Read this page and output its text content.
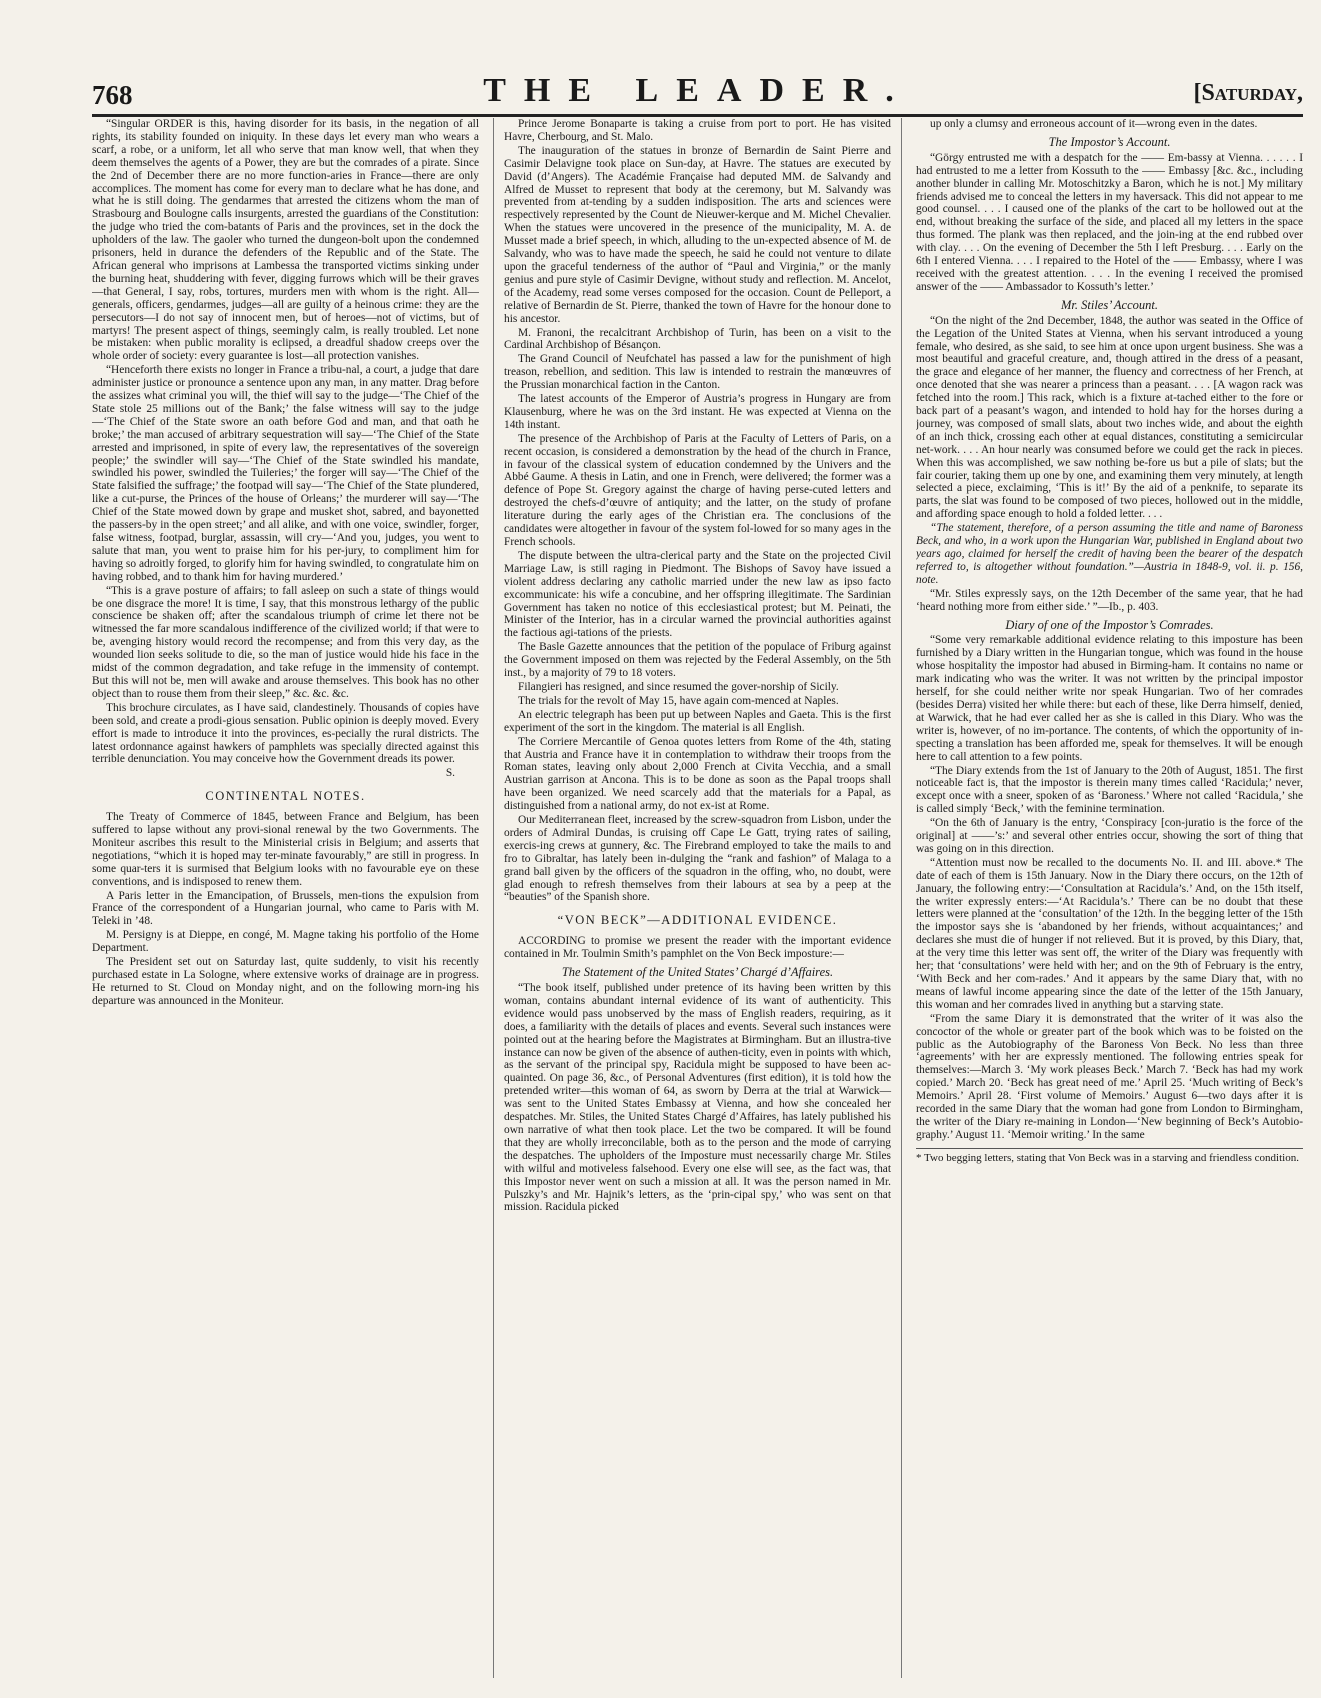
768	THE LEADER.	[Saturday,

“Singular ORDER is this, having disorder for its basis, in the negation of all rights, its stability founded on iniquity. In these days let every man who wears a scarf, a robe, or a uniform, let all who serve that man know well, that when they deem themselves the agents of a Power, they are but the comrades of a pirate. Since the 2nd of December there are no more function-aries in France—there are only accomplices. The moment has come for every man to declare what he has done, and what he is still doing. The gendarmes that arrested the citizens whom the man of Strasbourg and Boulogne calls insurgents, arrested the guardians of the Constitution: the judge who tried the com-batants of Paris and the provinces, set in the dock the upholders of the law. The gaoler who turned the dungeon-bolt upon the condemned prisoners, held in durance the defenders of the Republic and of the State. The African general who imprisons at Lambessa the transported victims sinking under the burning heat, shuddering with fever, digging furrows which will be their graves—that General, I say, robs, tortures, murders men with whom is the right. All—generals, officers, gendarmes, judges—all are guilty of a heinous crime: they are the persecutors—I do not say of innocent men, but of heroes—not of victims, but of martyrs! The present aspect of things, seemingly calm, is really troubled. Let none be mistaken: when public morality is eclipsed, a dreadful shadow creeps over the whole order of society: every guarantee is lost—all protection vanishes.

“Henceforth there exists no longer in France a tribu-nal, a court, a judge that dare administer justice or pronounce a sentence upon any man, in any matter. Drag before the assizes what criminal you will, the thief will say to the judge—‘The Chief of the State stole 25 millions out of the Bank;’ the false witness will say to the judge—‘The Chief of the State swore an oath before God and man, and that oath he broke;’ the man accused of arbitrary sequestration will say—‘The Chief of the State arrested and imprisoned, in spite of every law, the representatives of the sovereign people;’ the swindler will say—‘The Chief of the State swindled his mandate, swindled his power, swindled the Tuileries;’ the forger will say—‘The Chief of the State falsified the suffrage;’ the footpad will say—‘The Chief of the State plundered, like a cut-purse, the Princes of the house of Orleans;’ the murderer will say—‘The Chief of the State mowed down by grape and musket shot, sabred, and bayonetted the passers-by in the open street;’ and all alike, and with one voice, swindler, forger, false witness, footpad, burglar, assassin, will cry—‘And you, judges, you went to salute that man, you went to praise him for his per-jury, to compliment him for having so adroitly forged, to glorify him for having swindled, to congratulate him on having robbed, and to thank him for having murdered.’

“This is a grave posture of affairs; to fall asleep on such a state of things would be one disgrace the more! It is time, I say, that this monstrous lethargy of the public conscience be shaken off; after the scandalous triumph of crime let there not be witnessed the far more scandalous indifference of the civilized world; if that were to be, avenging history would record the recompense; and from this very day, as the wounded lion seeks solitude to die, so the man of justice would hide his face in the midst of the common degradation, and take refuge in the immensity of contempt. But this will not be, men will awake and arouse themselves. This book has no other object than to rouse them from their sleep,” &c. &c. &c.

This brochure circulates, as I have said, clandestinely. Thousands of copies have been sold, and create a prodi-gious sensation. Public opinion is deeply moved. Every effort is made to introduce it into the provinces, es-pecially the rural districts. The latest ordonnance against hawkers of pamphlets was specially directed against this terrible denunciation. You may conceive how the Government dreads its power.

S.
CONTINENTAL NOTES.

The Treaty of Commerce of 1845, between France and Belgium, has been suffered to lapse without any provi-sional renewal by the two Governments. The Moniteur ascribes this result to the Ministerial crisis in Belgium; and asserts that negotiations, “which it is hoped may ter-minate favourably,” are still in progress. In some quar-ters it is surmised that Belgium looks with no favourable eye on these conventions, and is indisposed to renew them.

A Paris letter in the Emancipation, of Brussels, men-tions the expulsion from France of the correspondent of a Hungarian journal, who came to Paris with M. Teleki in ’48.

M. Persigny is at Dieppe, en congé, M. Magne taking his portfolio of the Home Department.

The President set out on Saturday last, quite suddenly, to visit his recently purchased estate in La Sologne, where extensive works of drainage are in progress. He returned to St. Cloud on Monday night, and on the following morn-ing his departure was announced in the Moniteur.

Prince Jerome Bonaparte is taking a cruise from port to port. He has visited Havre, Cherbourg, and St. Malo.

The inauguration of the statues in bronze of Bernardin de Saint Pierre and Casimir Delavigne took place on Sun-day, at Havre. The statues are executed by David (d’Angers). The Académie Française had deputed MM. de Salvandy and Alfred de Musset to represent that body at the ceremony, but M. Salvandy was prevented from at-tending by a sudden indisposition. The arts and sciences were respectively represented by the Count de Nieuwer-kerque and M. Michel Chevalier. When the statues were uncovered in the presence of the municipality, M. A. de Musset made a brief speech, in which, alluding to the un-expected absence of M. de Salvandy, who was to have made the speech, he said he could not venture to dilate upon the graceful tenderness of the author of “Paul and Virginia,” or the manly genius and pure style of Casimir Devigne, without study and reflection. M. Ancelot, of the Academy, read some verses composed for the occasion. Count de Pelleport, a relative of Bernardin de St. Pierre, thanked the town of Havre for the honour done to his ancestor.

M. Franoni, the recalcitrant Archbishop of Turin, has been on a visit to the Cardinal Archbishop of Bésançon.

The Grand Council of Neufchatel has passed a law for the punishment of high treason, rebellion, and sedition. This law is intended to restrain the manœuvres of the Prussian monarchical faction in the Canton.

The latest accounts of the Emperor of Austria’s progress in Hungary are from Klausenburg, where he was on the 3rd instant. He was expected at Vienna on the 14th instant.

The presence of the Archbishop of Paris at the Faculty of Letters of Paris, on a recent occasion, is considered a demonstration by the head of the church in France, in favour of the classical system of education condemned by the Univers and the Abbé Gaume. A thesis in Latin, and one in French, were delivered; the former was a defence of Pope St. Gregory against the charge of having perse-cuted letters and destroyed the chefs-d’œuvre of antiquity; and the latter, on the study of profane literature during the early ages of the Christian era. The conclusions of the candidates were altogether in favour of the system fol-lowed for so many ages in the French schools.

The dispute between the ultra-clerical party and the State on the projected Civil Marriage Law, is still raging in Piedmont. The Bishops of Savoy have issued a violent address declaring any catholic married under the new law as ipso facto excommunicate: his wife a concubine, and her offspring illegitimate. The Sardinian Government has taken no notice of this ecclesiastical protest; but M. Peinati, the Minister of the Interior, has in a circular warned the provincial authorities against the factious agi-tations of the priests.

The Basle Gazette announces that the petition of the populace of Friburg against the Government imposed on them was rejected by the Federal Assembly, on the 5th inst., by a majority of 79 to 18 voters.

Filangieri has resigned, and since resumed the gover-norship of Sicily.

The trials for the revolt of May 15, have again com-menced at Naples.

An electric telegraph has been put up between Naples and Gaeta. This is the first experiment of the sort in the kingdom. The material is all English.

The Corriere Mercantile of Genoa quotes letters from Rome of the 4th, stating that Austria and France have it in contemplation to withdraw their troops from the Roman states, leaving only about 2,000 French at Civita Vecchia, and a small Austrian garrison at Ancona. This is to be done as soon as the Papal troops shall have been organized. We need scarcely add that the materials for a Papal, as distinguished from a national army, do not ex-ist at Rome.

Our Mediterranean fleet, increased by the screw-squadron from Lisbon, under the orders of Admiral Dundas, is cruising off Cape Le Gatt, trying rates of sailing, exercis-ing crews at gunnery, &c. The Firebrand employed to take the mails to and fro to Gibraltar, has lately been in-dulging the “rank and fashion” of Malaga to a grand ball given by the officers of the squadron in the offing, who, no doubt, were glad enough to refresh themselves from their labours at sea by a peep at the “beauties” of the Spanish shore.

“VON BECK”—ADDITIONAL EVIDENCE.

ACCORDING to promise we present the reader with the important evidence contained in Mr. Toulmin Smith’s pamphlet on the Von Beck imposture:—

The Statement of the United States’ Chargé d’Affaires.

“The book itself, published under pretence of its having been written by this woman, contains abundant internal evidence of its want of authenticity. This evidence would pass unobserved by the mass of English readers, requiring, as it does, a familiarity with the details of places and events. Several such instances were pointed out at the hearing before the Magistrates at Birmingham. But an illustra-tive instance can now be given of the absence of authen-ticity, even in points with which, as the servant of the principal spy, Racidula might be supposed to have been ac-quainted. On page 36, &c., of Personal Adventures (first edition), it is told how the pretended writer—this woman of 64, as sworn by Derra at the trial at Warwick—was sent to the United States Embassy at Vienna, and how she concealed her despatches. Mr. Stiles, the United States Chargé d’Affaires, has lately published his own narrative of what then took place. Let the two be compared. It will be found that they are wholly irreconcilable, both as to the person and the mode of carrying the despatches. The upholders of the Imposture must necessarily charge Mr. Stiles with wilful and motiveless falsehood. Every one else will see, as the fact was, that this Impostor never went on such a mission at all. It was the person named in Mr. Pulszky’s and Mr. Hajnik’s letters, as the ‘prin-cipal spy,’ who was sent on that mission. Racidula picked

up only a clumsy and erroneous account of it—wrong even in the dates.

The Impostor’s Account.

“Görgy entrusted me with a despatch for the —— Em-bassy at Vienna. . . . . . I had entrusted to me a letter from Kossuth to the —— Embassy [&c. &c., including another blunder in calling Mr. Motoschitzky a Baron, which he is not.] My military friends advised me to conceal the letters in my haversack. This did not appear to me good counsel. . . . I caused one of the planks of the cart to be hollowed out at the end, without breaking the surface of the side, and placed all my letters in the space thus formed. The plank was then replaced, and the join-ing at the end rubbed over with clay. . . . On the evening of December the 5th I left Presburg. . . . Early on the 6th I entered Vienna. . . . I repaired to the Hotel of the —— Embassy, where I was received with the greatest attention. . . . In the evening I received the promised answer of the —— Ambassador to Kossuth’s letter.’

Mr. Stiles’ Account.

“On the night of the 2nd December, 1848, the author was seated in the Office of the Legation of the United States at Vienna, when his servant introduced a young female, who desired, as she said, to see him at once upon urgent business. She was a most beautiful and graceful creature, and, though attired in the dress of a peasant, the grace and elegance of her manner, the fluency and correctness of her French, at once denoted that she was nearer a princess than a peasant. . . . [A wagon rack was fetched into the room.] This rack, which is a fixture at-tached either to the fore or back part of a peasant’s wagon, and intended to hold hay for the horses during a journey, was composed of small slats, about two inches wide, and about the eighth of an inch thick, crossing each other at equal distances, constituting a semicircular net-work. . . . An hour nearly was consumed before we could get the rack in pieces. When this was accomplished, we saw nothing be-fore us but a pile of slats; but the fair courier, taking them up one by one, and examining them very minutely, at length selected a piece, exclaiming, ‘This is it!’ By the aid of a penknife, to separate its parts, the slat was found to be composed of two pieces, hollowed out in the middle, and affording space enough to hold a folded letter. . . .

“The statement, therefore, of a person assuming the title and name of Baroness Beck, and who, in a work upon the Hungarian War, published in England about two years ago, claimed for herself the credit of having been the bearer of the despatch referred to, is altogether without foundation.”—Austria in 1848-9, vol. ii. p. 156, note.

“Mr. Stiles expressly says, on the 12th December of the same year, that he had ‘heard nothing more from either side.’ ”—Ib., p. 403.

Diary of one of the Impostor’s Comrades.

“Some very remarkable additional evidence relating to this imposture has been furnished by a Diary written in the Hungarian tongue, which was found in the house whose hospitality the impostor had abused in Birming-ham. It contains no name or mark indicating who was the writer. It was not written by the principal impostor herself, for she could neither write nor speak Hungarian. Two of her comrades (besides Derra) visited her while there: but each of these, like Derra himself, denied, at Warwick, that he had ever called her as she is called in this Diary. Who was the writer is, however, of no im-portance. The contents, of which the opportunity of in-specting a translation has been afforded me, speak for themselves. It will be enough here to call attention to a few points.

“The Diary extends from the 1st of January to the 20th of August, 1851. The first noticeable fact is, that the impostor is therein many times called ‘Racidula;’ never, except once with a sneer, spoken of as ‘Baroness.’ Where not called ‘Racidula,’ she is called simply ‘Beck,’ with the feminine termination.

“On the 6th of January is the entry, ‘Conspiracy [con-juratio is the force of the original] at ——’s:’ and several other entries occur, showing the sort of thing that was going on in this direction.

“Attention must now be recalled to the documents No. II. and III. above.* The date of each of them is 15th January. Now in the Diary there occurs, on the 12th of January, the following entry:—‘Consultation at Racidula’s.’ And, on the 15th itself, the writer expressly enters:—‘At Racidula’s.’ There can be no doubt that these letters were planned at the ‘consultation’ of the 12th. In the begging letter of the 15th the impostor says she is ‘abandoned by her friends, without acquaintances;’ and declares she must die of hunger if not relieved. But it is proved, by this Diary, that, at the very time this letter was sent off, the writer of the Diary was frequently with her; that ‘consultations’ were held with her; and on the 9th of February is the entry, ‘With Beck and her com-rades.’ And it appears by the same Diary that, with no means of lawful income appearing since the date of the letter of the 15th January, this woman and her comrades lived in anything but a starving state.

“From the same Diary it is demonstrated that the writer of it was also the concoctor of the whole or greater part of the book which was to be foisted on the public as the Autobiography of the Baroness Von Beck. No less than three ‘agreements’ with her are expressly mentioned. The following entries speak for themselves:—March 3. ‘My work pleases Beck.’ March 7. ‘Beck has had my work copied.’ March 20. ‘Beck has great need of me.’ April 25. ‘Much writing of Beck’s Memoirs.’ April 28. ‘First volume of Memoirs.’ August 6—two days after it is recorded in the same Diary that the woman had gone from London to Birmingham, the writer of the Diary re-maining in London—‘New beginning of Beck’s Autobio-graphy.’ August 11. ‘Memoir writing.’ In the same

* Two begging letters, stating that Von Beck was in a starving and friendless condition.
